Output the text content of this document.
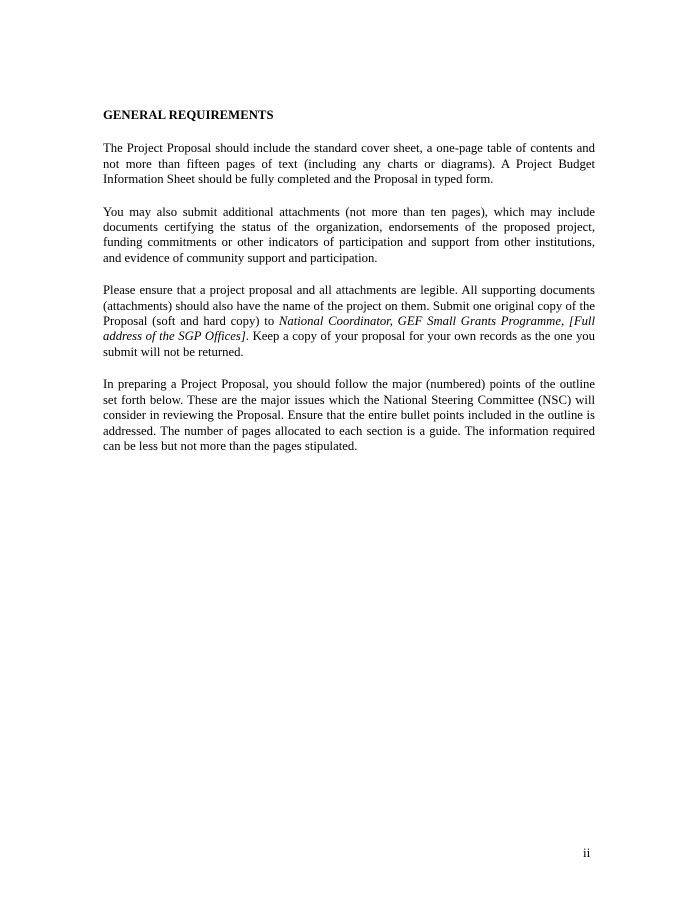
GENERAL REQUIREMENTS

The Project Proposal should include the standard cover sheet, a one-page table of contents and not more than fifteen pages of text (including any charts or diagrams). A Project Budget Information Sheet should be fully completed and the Proposal in typed form.

You may also submit additional attachments (not more than ten pages), which may include documents certifying the status of the organization, endorsements of the proposed project, funding commitments or other indicators of participation and support from other institutions, and evidence of community support and participation.

Please ensure that a project proposal and all attachments are legible. All supporting documents (attachments) should also have the name of the project on them. Submit one original copy of the Proposal (soft and hard copy) to National Coordinator, GEF Small Grants Programme, [Full address of the SGP Offices]. Keep a copy of your proposal for your own records as the one you submit will not be returned.

In preparing a Project Proposal, you should follow the major (numbered) points of the outline set forth below. These are the major issues which the National Steering Committee (NSC) will consider in reviewing the Proposal. Ensure that the entire bullet points included in the outline is addressed. The number of pages allocated to each section is a guide. The information required can be less but not more than the pages stipulated.

ii
